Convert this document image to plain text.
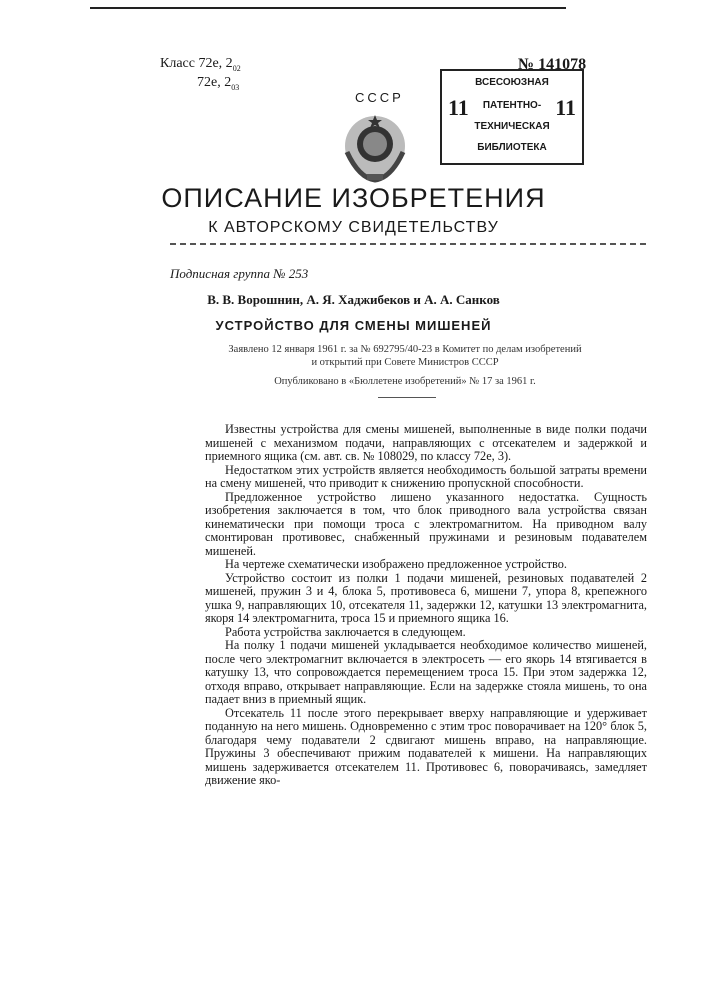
Класс 72е, 202
72е, 203
№ 141078
СССР
ВСЕСОЮЗНАЯ
ПАТЕНТНО-
ТЕХНИЧЕСКАЯ
БИБЛИОТЕКА
11	11
ОПИСАНИЕ ИЗОБРЕТЕНИЯ
К АВТОРСКОМУ СВИДЕТЕЛЬСТВУ
Подписная группа № 253
В. В. Ворошнин, А. Я. Хаджибеков и А. А. Санков
УСТРОЙСТВО ДЛЯ СМЕНЫ МИШЕНЕЙ
Заявлено 12 января 1961 г. за № 692795/40-23 в Комитет по делам изобретений
и открытий при Совете Министров СССР
Опубликовано в «Бюллетене изобретений» № 17 за 1961 г.

Известны устройства для смены мишеней, выполненные в виде полки подачи мишеней с механизмом подачи, направляющих с отсекателем и задержкой и приемного ящика (см. авт. св. № 108029, по классу 72е, 3).

Недостатком этих устройств является необходимость большой затраты времени на смену мишеней, что приводит к снижению пропускной способности.

Предложенное устройство лишено указанного недостатка. Сущность изобретения заключается в том, что блок приводного вала устройства связан кинематически при помощи троса с электромагнитом. На приводном валу смонтирован противовес, снабженный пружинами и резиновым подавателем мишеней.

На чертеже схематически изображено предложенное устройство.

Устройство состоит из полки 1 подачи мишеней, резиновых подавателей 2 мишеней, пружин 3 и 4, блока 5, противовеса 6, мишени 7, упора 8, крепежного ушка 9, направляющих 10, отсекателя 11, задержки 12, катушки 13 электромагнита, якоря 14 электромагнита, троса 15 и приемного ящика 16.

Работа устройства заключается в следующем.

На полку 1 подачи мишеней укладывается необходимое количество мишеней, после чего электромагнит включается в электросеть — его якорь 14 втягивается в катушку 13, что сопровождается перемещением троса 15. При этом задержка 12, отходя вправо, открывает направляющие. Если на задержке стояла мишень, то она падает вниз в приемный ящик.

Отсекатель 11 после этого перекрывает вверху направляющие и удерживает поданную на него мишень. Одновременно с этим трос поворачивает на 120° блок 5, благодаря чему подаватели 2 сдвигают мишень вправо, на направляющие. Пружины 3 обеспечивают прижим подавателей к мишени. На направляющих мишень задерживается отсекателем 11. Противовес 6, поворачиваясь, замедляет движение яко-
